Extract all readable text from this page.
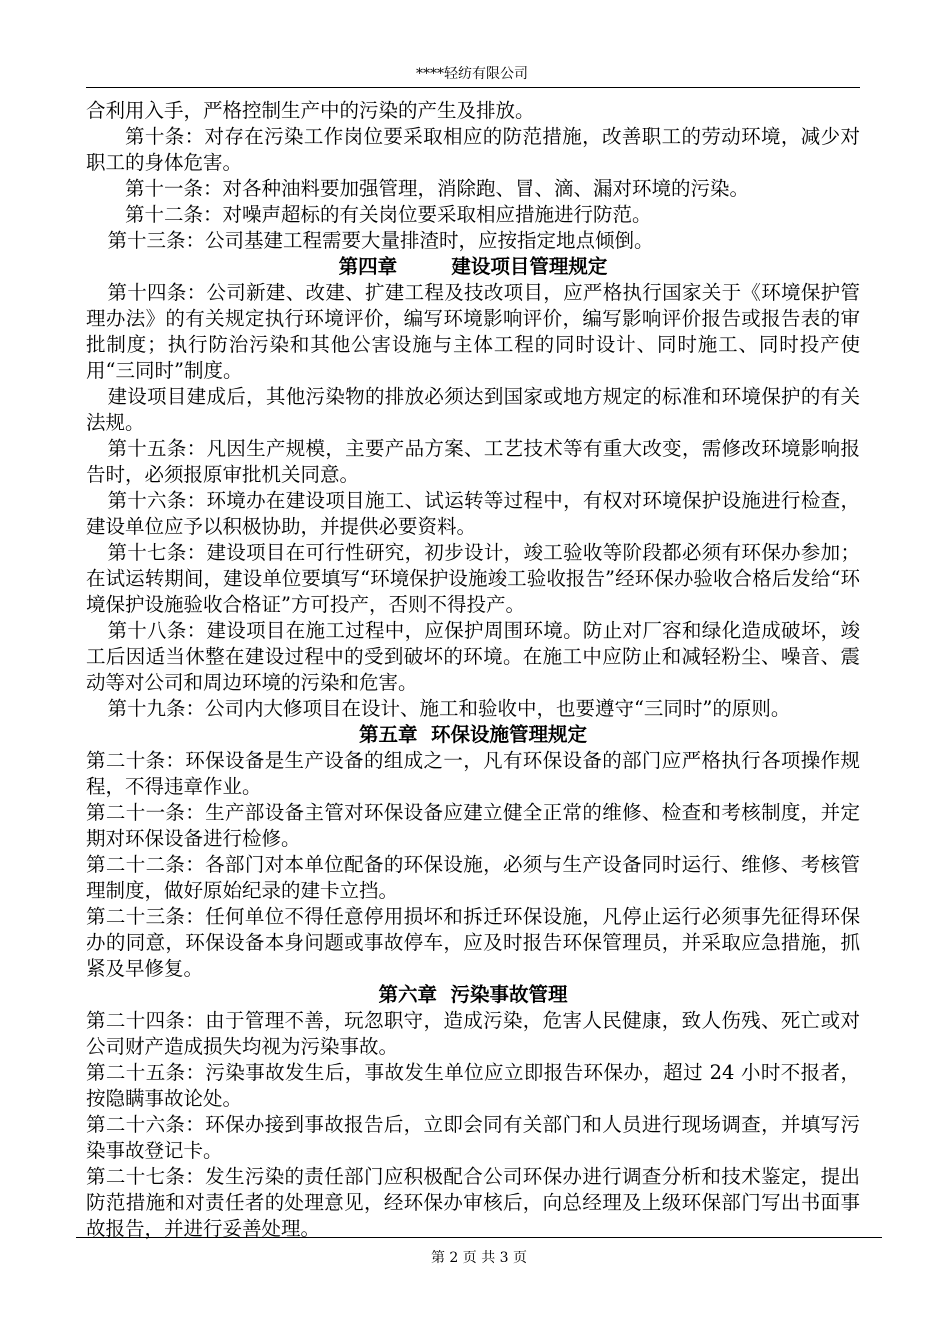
****轻纺有限公司

合利用入手，严格控制生产中的污染的产生及排放。

第十条：对存在污染工作岗位要采取相应的防范措施，改善职工的劳动环境，减少对职工的身体危害。

第十一条：对各种油料要加强管理，消除跑、冒、滴、漏对环境的污染。

第十二条：对噪声超标的有关岗位要采取相应措施进行防范。

第十三条：公司基建工程需要大量排渣时，应按指定地点倾倒。

第四章        建设项目管理规定

第十四条：公司新建、改建、扩建工程及技改项目，应严格执行国家关于《环境保护管理办法》的有关规定执行环境评价，编写环境影响评价，编写影响评价报告或报告表的审批制度；执行防治污染和其他公害设施与主体工程的同时设计、同时施工、同时投产使用“三同时”制度。

建设项目建成后，其他污染物的排放必须达到国家或地方规定的标准和环境保护的有关法规。

第十五条：凡因生产规模，主要产品方案、工艺技术等有重大改变，需修改环境影响报告时，必须报原审批机关同意。

第十六条：环境办在建设项目施工、试运转等过程中，有权对环境保护设施进行检查，建设单位应予以积极协助，并提供必要资料。

第十七条：建设项目在可行性研究，初步设计，竣工验收等阶段都必须有环保办参加；在试运转期间，建设单位要填写“环境保护设施竣工验收报告”经环保办验收合格后发给“环境保护设施验收合格证”方可投产，否则不得投产。

第十八条：建设项目在施工过程中，应保护周围环境。防止对厂容和绿化造成破坏，竣工后因适当休整在建设过程中的受到破坏的环境。在施工中应防止和减轻粉尘、噪音、震动等对公司和周边环境的污染和危害。

第十九条：公司内大修项目在设计、施工和验收中，也要遵守“三同时”的原则。

第五章  环保设施管理规定

第二十条：环保设备是生产设备的组成之一，凡有环保设备的部门应严格执行各项操作规程，不得违章作业。

第二十一条：生产部设备主管对环保设备应建立健全正常的维修、检查和考核制度，并定期对环保设备进行检修。

第二十二条：各部门对本单位配备的环保设施，必须与生产设备同时运行、维修、考核管理制度，做好原始纪录的建卡立挡。

第二十三条：任何单位不得任意停用损坏和拆迁环保设施，凡停止运行必须事先征得环保办的同意，环保设备本身问题或事故停车，应及时报告环保管理员，并采取应急措施，抓紧及早修复。

第六章  污染事故管理

第二十四条：由于管理不善，玩忽职守，造成污染，危害人民健康，致人伤残、死亡或对公司财产造成损失均视为污染事故。

第二十五条：污染事故发生后，事故发生单位应立即报告环保办，超过 24 小时不报者，按隐瞒事故论处。

第二十六条：环保办接到事故报告后，立即会同有关部门和人员进行现场调查，并填写污染事故登记卡。

第二十七条：发生污染的责任部门应积极配合公司环保办进行调查分析和技术鉴定，提出防范措施和对责任者的处理意见，经环保办审核后，向总经理及上级环保部门写出书面事故报告，并进行妥善处理。

第 2 页 共 3 页
